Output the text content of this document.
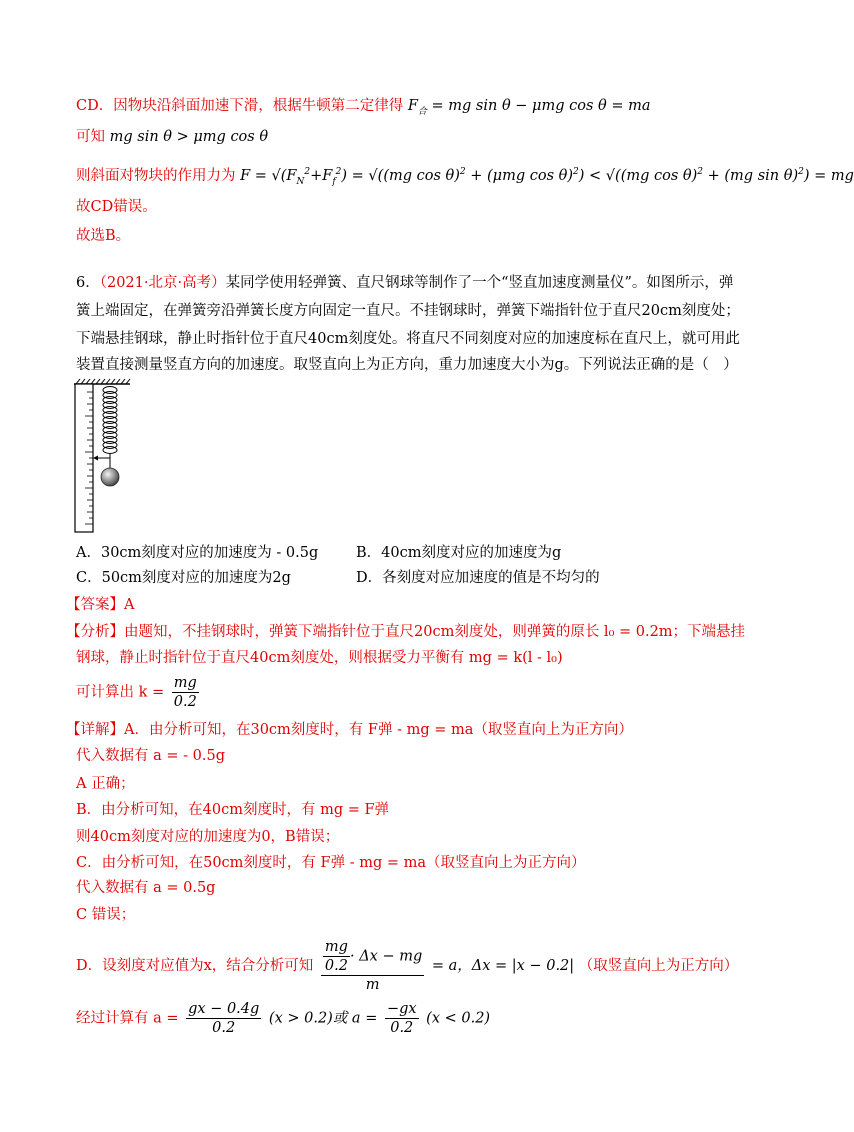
CD．因物块沿斜面加速下滑，根据牛顿第二定律得 $F_合$ = mg sin θ − μmg cos θ = ma
可知 mg sin θ > μmg cos θ
则斜面对物块的作用力为 $F = √(F_N^2+F_f^2) = √((mg$ cos θ)$^2$ + (μmg cos θ)$^2$) < √((mg cos θ)$^2$ + (mg sin θ)$^2$) = mg
故CD错误。
故选B。
6．（2021·北京·高考）某同学使用轻弹簧、直尺钢球等制作了一个“竖直加速度测量仪”。如图所示，弹
簧上端固定，在弹簧旁沿弹簧长度方向固定一直尺。不挂钢球时，弹簧下端指针位于直尺20cm刻度处；
下端悬挂钢球，静止时指针位于直尺40cm刻度处。将直尺不同刻度对应的加速度标在直尺上，就可用此
装置直接测量竖直方向的加速度。取竖直向上为正方向，重力加速度大小为g。下列说法正确的是（　）
A．30cm刻度对应的加速度为 - 0.5g	B．40cm刻度对应的加速度为g
C．50cm刻度对应的加速度为2g	D．各刻度对应加速度的值是不均匀的
【答案】A
【分析】由题知，不挂钢球时，弹簧下端指针位于直尺20cm刻度处，则弹簧的原长 l₀ = 0.2m；下端悬挂
钢球，静止时指针位于直尺40cm刻度处，则根据受力平衡有 mg = k(l - l₀)
可计算出 $k = \frac{mg}{0.2}$
【详解】A．由分析可知，在30cm刻度时，有 F弹 - mg = ma（取竖直向上为正方向）
代入数据有 a = - 0.5g
A 正确；
B．由分析可知，在40cm刻度时，有 mg = F弹
则40cm刻度对应的加速度为0，B错误；
C．由分析可知，在50cm刻度时，有 F弹 - mg = ma（取竖直向上为正方向）
代入数据有 a = 0.5g
C 错误；
D．设刻度对应值为x，结合分析可知 $\frac{\frac{mg}{0.2} \cdot \Delta x - mg}{m} = a$，Δx = |x − 0.2| （取竖直向上为正方向）
经过计算有 $a = \frac{gx - 0.4g}{0.2} (x > 0.2)$或 $a = \frac{-gx}{0.2} (x < 0.2)$
